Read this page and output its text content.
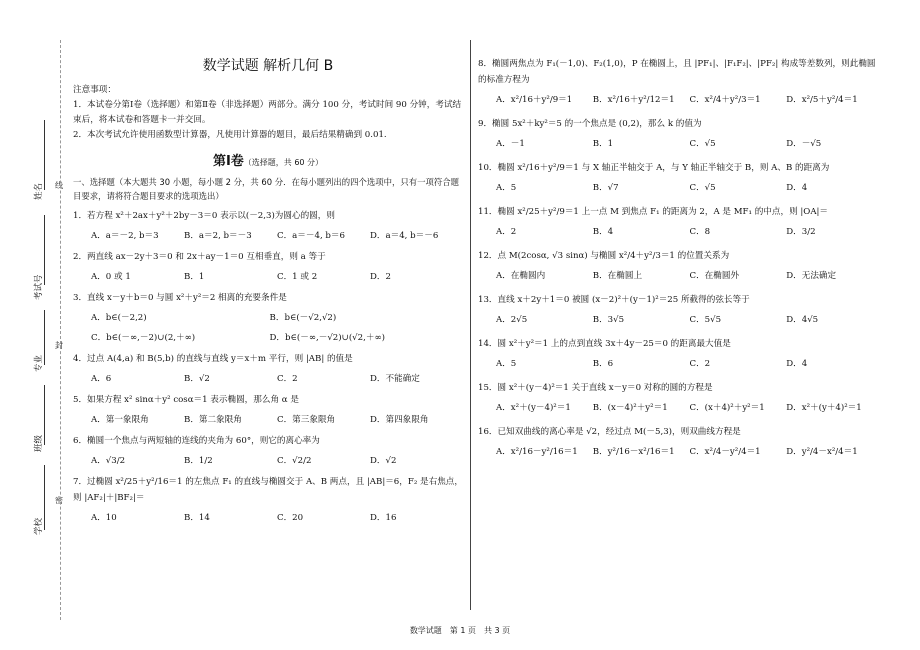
姓名
考试号
专业
班级
学校
线
封
密
数学试题 解析几何 B
注意事项：
1．本试卷分第Ⅰ卷（选择题）和第Ⅱ卷（非选择题）两部分。满分 100 分，考试时间 90 分钟，考试结束后，将本试卷和答题卡一并交回。
2．本次考试允许使用函数型计算器，凡使用计算器的题目，最后结果精确到 0.01.
第Ⅰ卷（选择题，共 60 分）
一、选择题（本大题共 30 小题，每小题 2 分，共 60 分．在每小题列出的四个选项中，只有一项符合题目要求，请将符合题目要求的选项选出）
1．若方程 x²＋2ax＋y²＋2by－3＝0 表示以(－2,3)为圆心的圆，则
A．a＝－2, b＝3	B．a＝2, b＝－3	C．a＝－4, b＝6	D．a＝4, b＝－6
2．两直线 ax－2y＋3＝0 和 2x＋ay－1＝0 互相垂直，则 a 等于
A．0 或 1	B．1	C．1 或 2	D．2
3．直线 x－y＋b＝0 与圆 x²＋y²＝2 相离的充要条件是
A．b∈(－2,2)	B．b∈(－√2,√2)
C．b∈(－∞,－2)∪(2,＋∞)	D．b∈(－∞,－√2)∪(√2,＋∞)
4．过点 A(4,a) 和 B(5,b) 的直线与直线 y＝x＋m 平行，则 |AB| 的值是
A．6	B．√2	C．2	D．不能确定
5．如果方程 x² sinα＋y² cosα＝1 表示椭圆，那么角 α 是
A．第一象限角	B．第二象限角	C．第三象限角	D．第四象限角
6．椭圆一个焦点与两短轴的连线的夹角为 60°，则它的离心率为
A．√3/2	B．1/2	C．√2/2	D．√2
7．过椭圆 x²/25＋y²/16＝1 的左焦点 F₁ 的直线与椭圆交于 A、B 两点，且 |AB|＝6，F₂ 是右焦点，则 |AF₂|＋|BF₂|＝
A．10	B．14	C．20	D．16
8．椭圆两焦点为 F₁(－1,0)、F₂(1,0)，P 在椭圆上，且 |PF₁|、|F₁F₂|、|PF₂| 构成等差数列，则此椭圆的标准方程为
A．x²/16＋y²/9＝1	B．x²/16＋y²/12＝1	C．x²/4＋y²/3＝1	D．x²/5＋y²/4＝1
9．椭圆 5x²＋ky²＝5 的一个焦点是 (0,2)，那么 k 的值为
A．－1	B．1	C．√5	D．－√5
10．椭圆 x²/16＋y²/9＝1 与 X 轴正半轴交于 A，与 Y 轴正半轴交于 B，则 A、B 的距离为
A．5	B．√7	C．√5	D．4
11．椭圆 x²/25＋y²/9＝1 上一点 M 到焦点 F₁ 的距离为 2，A 是 MF₁ 的中点，则 |OA|＝
A．2	B．4	C．8	D．3/2
12．点 M(2cosα, √3 sinα) 与椭圆 x²/4＋y²/3＝1 的位置关系为
A．在椭圆内	B．在椭圆上	C．在椭圆外	D．无法确定
13．直线 x＋2y＋1＝0 被圆 (x－2)²＋(y－1)²＝25 所截得的弦长等于
A．2√5	B．3√5	C．5√5	D．4√5
14．圆 x²＋y²＝1 上的点到直线 3x＋4y－25＝0 的距离最大值是
A．5	B．6	C．2	D．4
15．圆 x²＋(y－4)²＝1 关于直线 x－y＝0 对称的圆的方程是
A．x²＋(y－4)²＝1	B．(x－4)²＋y²＝1	C．(x＋4)²＋y²＝1	D．x²＋(y＋4)²＝1
16．已知双曲线的离心率是 √2，经过点 M(－5,3)，则双曲线方程是
A．x²/16－y²/16＝1	B．y²/16－x²/16＝1	C．x²/4－y²/4＝1	D．y²/4－x²/4＝1
数学试题　第 1 页　共 3 页
